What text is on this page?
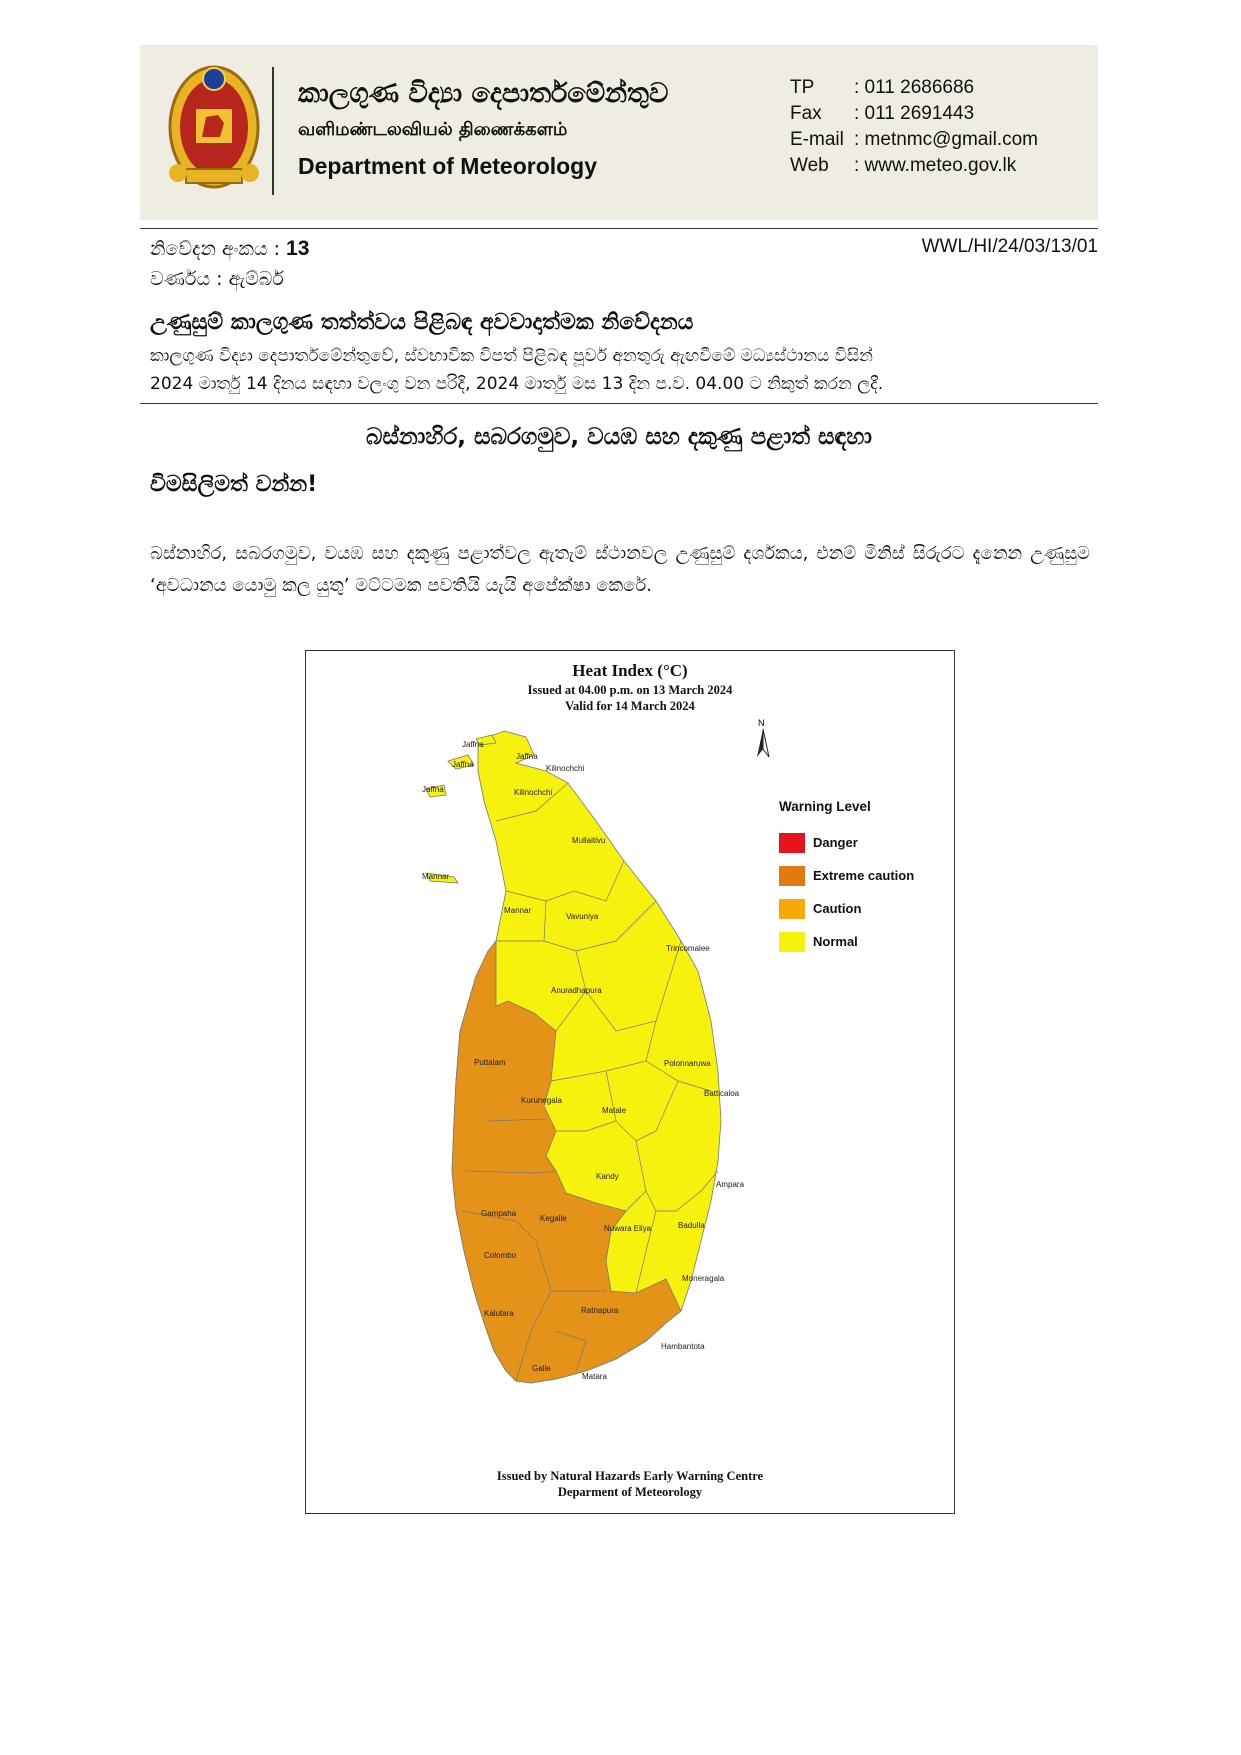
කාලගුණ විද්‍යා දෙපාර්තමේන්තුව
வளிமண்டலவியல் திணைக்களம்
Department of Meteorology
TP	: 011 2686686
Fax	: 011 2691443
E-mail : metnmc@gmail.com
Web	: www.meteo.gov.lk
නිවේදන අංකය : 13
වර්ණය : ඇම්බර්
WWL/HI/24/03/13/01
උණුසුම් කාලගුණ තත්ත්වය පිළිබඳ අවවාදාත්මක නිවේදනය
කාලගුණ විද්‍යා දෙපාර්තමේන්තුවේ, ස්වභාවික විපත් පිළිබඳ පූර්ව අනතුරු ඇඟවීමේ මධ්‍යස්ථානය විසින්
2024 මාර්තු 14 දිනය සඳහා වලංගු වන පරිදි, 2024 මාර්තු මස 13 දින ප.ව. 04.00 ට නිකුත් කරන ලදී.
බස්නාහිර, සබරගමුව, වයඹ සහ දකුණු පළාත් සඳහා
විමසිලිමත් වන්න!
බස්නාහිර, සබරගමුව, වයඹ සහ දකුණු පළාත්වල ඇතැම් ස්ථානවල උණුසුම් දර්ශකය, එනම් මිනිස් සිරුරට දැනෙන උණුසුම ‘අවධානය යොමු කල යුතු’ මට්ටමක පවතියි යැයි අපේක්ෂා කෙරේ.
Heat Index (°C)
Issued at 04.00 p.m. on 13 March 2024
Valid for 14 March 2024
Jaffna
Jaffna
Jaffna
Jaffna
Kilinochchi
Kilinochchi
Mullaitivu
Mannar
Mannar
Vavuniya
Trincomalee
Anuradhapura
Puttalam	Polonnaruwa
Kurunegala
Batticaloa
Matale
Kandy
Ampara
Gampaha
Kegalle
Nuwara Eliya	Badulla
Colombo
Moneragala
Kalutara	Ratnapura
Hambantota
Galle
Matara
N
Warning Level
Danger
Extreme caution
Caution
Normal
Issued by Natural Hazards Early Warning Centre
Deparment of Meteorology
